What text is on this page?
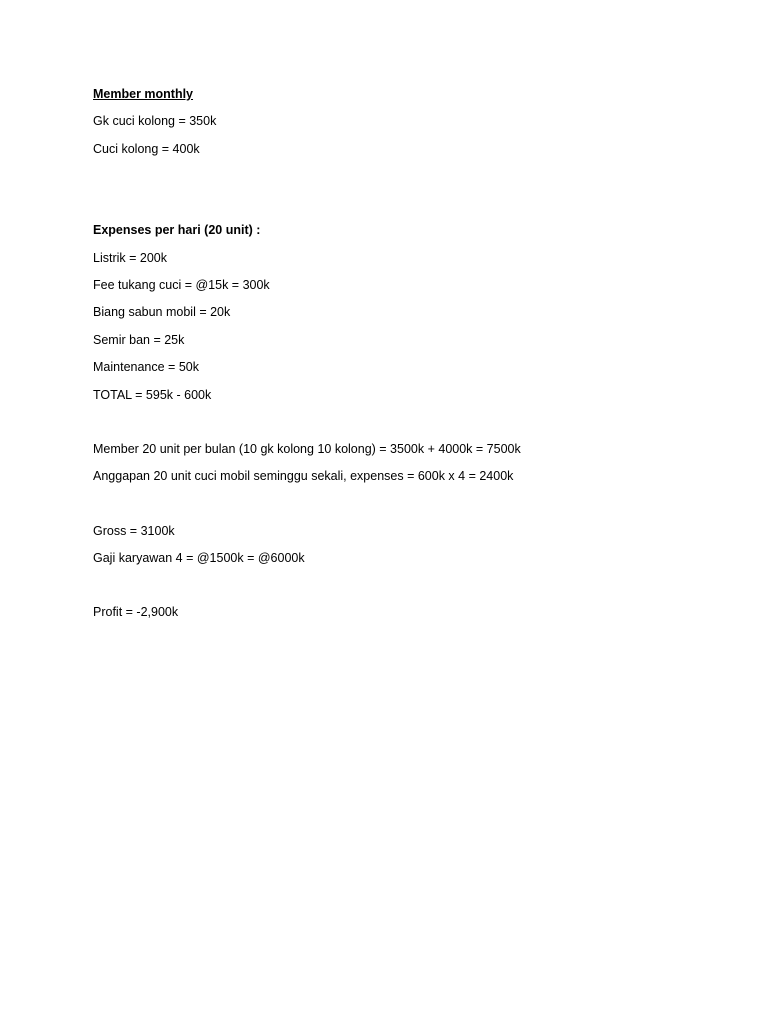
Member monthly
Gk cuci kolong = 350k
Cuci kolong = 400k
Expenses per hari (20 unit) :
Listrik = 200k
Fee tukang cuci = @15k = 300k
Biang sabun mobil = 20k
Semir ban = 25k
Maintenance = 50k
TOTAL = 595k - 600k
Member 20 unit per bulan (10 gk kolong 10 kolong) = 3500k + 4000k = 7500k
Anggapan 20 unit cuci mobil seminggu sekali, expenses = 600k x 4 = 2400k
Gross = 3100k
Gaji karyawan 4 = @1500k = @6000k
Profit = -2,900k
